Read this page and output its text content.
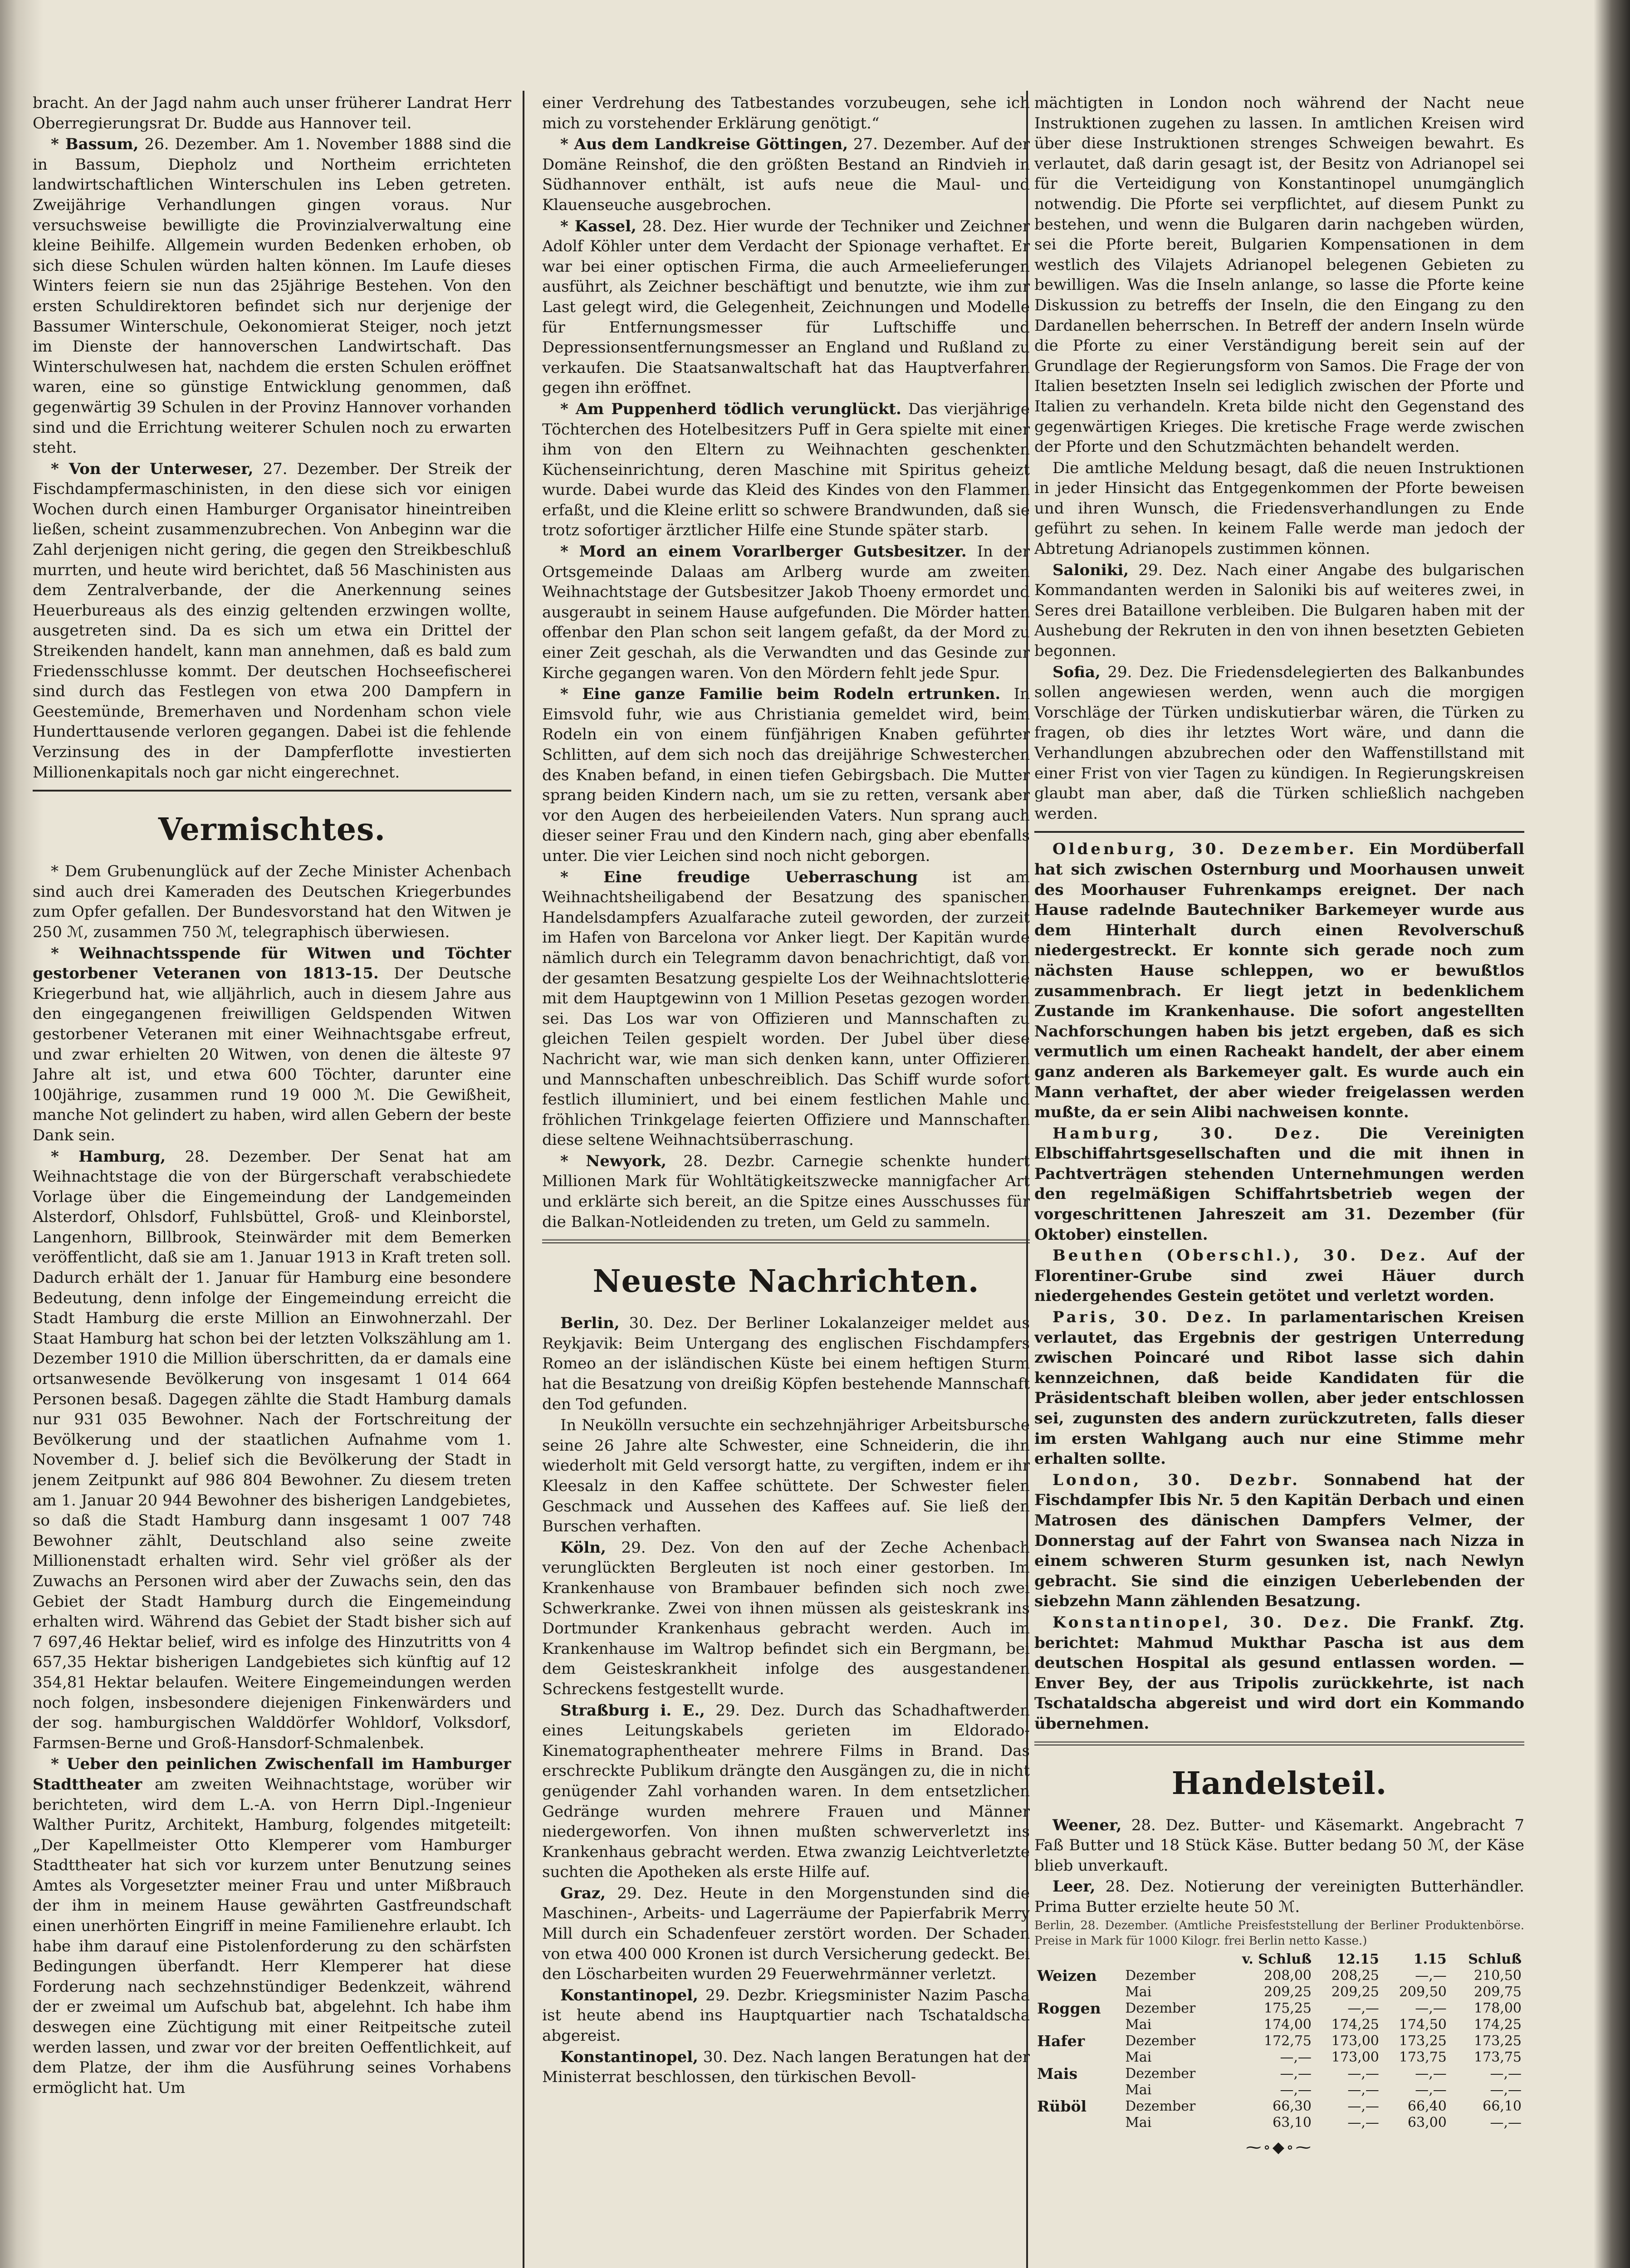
bracht. An der Jagd nahm auch unser früherer Landrat Herr Oberregierungsrat Dr. Budde aus Hannover teil.

* Bassum, 26. Dezember. Am 1. November 1888 sind die in Bassum, Diepholz und Northeim errichteten landwirtschaftlichen Winterschulen ins Leben getreten. Zweijährige Verhandlungen gingen voraus. Nur versuchsweise bewilligte die Provinzialverwaltung eine kleine Beihilfe. Allgemein wurden Bedenken erhoben, ob sich diese Schulen würden halten können. Im Laufe dieses Winters feiern sie nun das 25jährige Bestehen. Von den ersten Schuldirektoren befindet sich nur derjenige der Bassumer Winterschule, Oekonomierat Steiger, noch jetzt im Dienste der hannoverschen Landwirtschaft. Das Winterschulwesen hat, nachdem die ersten Schulen eröffnet waren, eine so günstige Entwicklung genommen, daß gegenwärtig 39 Schulen in der Provinz Hannover vorhanden sind und die Errichtung weiterer Schulen noch zu erwarten steht.

* Von der Unterweser, 27. Dezember. Der Streik der Fischdampfermaschinisten, in den diese sich vor einigen Wochen durch einen Hamburger Organisator hineintreiben ließen, scheint zusammenzubrechen. Von Anbeginn war die Zahl derjenigen nicht gering, die gegen den Streikbeschluß murrten, und heute wird berichtet, daß 56 Maschinisten aus dem Zentralverbande, der die Anerkennung seines Heuerbureaus als des einzig geltenden erzwingen wollte, ausgetreten sind. Da es sich um etwa ein Drittel der Streikenden handelt, kann man annehmen, daß es bald zum Friedensschlusse kommt. Der deutschen Hochseefischerei sind durch das Festlegen von etwa 200 Dampfern in Geestemünde, Bremerhaven und Nordenham schon viele Hunderttausende verloren gegangen. Dabei ist die fehlende Verzinsung des in der Dampferflotte investierten Millionenkapitals noch gar nicht eingerechnet.

Vermischtes.

* Dem Grubenunglück auf der Zeche Minister Achenbach sind auch drei Kameraden des Deutschen Kriegerbundes zum Opfer gefallen. Der Bundesvorstand hat den Witwen je 250 ℳ, zusammen 750 ℳ, telegraphisch überwiesen.

* Weihnachtsspende für Witwen und Töchter gestorbener Veteranen von 1813-15. Der Deutsche Kriegerbund hat, wie alljährlich, auch in diesem Jahre aus den eingegangenen freiwilligen Geldspenden Witwen gestorbener Veteranen mit einer Weihnachtsgabe erfreut, und zwar erhielten 20 Witwen, von denen die älteste 97 Jahre alt ist, und etwa 600 Töchter, darunter eine 100jährige, zusammen rund 19 000 ℳ. Die Gewißheit, manche Not gelindert zu haben, wird allen Gebern der beste Dank sein.

* Hamburg, 28. Dezember. Der Senat hat am Weihnachtstage die von der Bürgerschaft verabschiedete Vorlage über die Eingemeindung der Landgemeinden Alsterdorf, Ohlsdorf, Fuhlsbüttel, Groß- und Kleinborstel, Langenhorn, Billbrook, Steinwärder mit dem Bemerken veröffentlicht, daß sie am 1. Januar 1913 in Kraft treten soll. Dadurch erhält der 1. Januar für Hamburg eine besondere Bedeutung, denn infolge der Eingemeindung erreicht die Stadt Hamburg die erste Million an Einwohnerzahl. Der Staat Hamburg hat schon bei der letzten Volkszählung am 1. Dezember 1910 die Million überschritten, da er damals eine ortsanwesende Bevölkerung von insgesamt 1 014 664 Personen besaß. Dagegen zählte die Stadt Hamburg damals nur 931 035 Bewohner. Nach der Fortschreitung der Bevölkerung und der staatlichen Aufnahme vom 1. November d. J. belief sich die Bevölkerung der Stadt in jenem Zeitpunkt auf 986 804 Bewohner. Zu diesem treten am 1. Januar 20 944 Bewohner des bisherigen Landgebietes, so daß die Stadt Hamburg dann insgesamt 1 007 748 Bewohner zählt, Deutschland also seine zweite Millionenstadt erhalten wird. Sehr viel größer als der Zuwachs an Personen wird aber der Zuwachs sein, den das Gebiet der Stadt Hamburg durch die Eingemeindung erhalten wird. Während das Gebiet der Stadt bisher sich auf 7 697,46 Hektar belief, wird es infolge des Hinzutritts von 4 657,35 Hektar bisherigen Landgebietes sich künftig auf 12 354,81 Hektar belaufen. Weitere Eingemeindungen werden noch folgen, insbesondere diejenigen Finkenwärders und der sog. hamburgischen Walddörfer Wohldorf, Volksdorf, Farmsen-Berne und Groß-Hansdorf-Schmalenbek.

* Ueber den peinlichen Zwischenfall im Hamburger Stadttheater am zweiten Weihnachtstage, worüber wir berichteten, wird dem L.-A. von Herrn Dipl.-Ingenieur Walther Puritz, Architekt, Hamburg, folgendes mitgeteilt: „Der Kapellmeister Otto Klemperer vom Hamburger Stadttheater hat sich vor kurzem unter Benutzung seines Amtes als Vorgesetzter meiner Frau und unter Mißbrauch der ihm in meinem Hause gewährten Gastfreundschaft einen unerhörten Eingriff in meine Familienehre erlaubt. Ich habe ihm darauf eine Pistolenforderung zu den schärfsten Bedingungen überfandt. Herr Klemperer hat diese Forderung nach sechzehnstündiger Bedenkzeit, während der er zweimal um Aufschub bat, abgelehnt. Ich habe ihm deswegen eine Züchtigung mit einer Reitpeitsche zuteil werden lassen, und zwar vor der breiten Oeffentlichkeit, auf dem Platze, der ihm die Ausführung seines Vorhabens ermöglicht hat. Um

einer Verdrehung des Tatbestandes vorzubeugen, sehe ich mich zu vorstehender Erklärung genötigt.“

* Aus dem Landkreise Göttingen, 27. Dezember. Auf der Domäne Reinshof, die den größten Bestand an Rindvieh in Südhannover enthält, ist aufs neue die Maul- und Klauenseuche ausgebrochen.

* Kassel, 28. Dez. Hier wurde der Techniker und Zeichner Adolf Köhler unter dem Verdacht der Spionage verhaftet. Er war bei einer optischen Firma, die auch Armeelieferungen ausführt, als Zeichner beschäftigt und benutzte, wie ihm zur Last gelegt wird, die Gelegenheit, Zeichnungen und Modelle für Entfernungsmesser für Luftschiffe und Depressionsentfernungsmesser an England und Rußland zu verkaufen. Die Staatsanwaltschaft hat das Hauptverfahren gegen ihn eröffnet.

* Am Puppenherd tödlich verunglückt. Das vierjährige Töchterchen des Hotelbesitzers Puff in Gera spielte mit einer ihm von den Eltern zu Weihnachten geschenkten Küchenseinrichtung, deren Maschine mit Spiritus geheizt wurde. Dabei wurde das Kleid des Kindes von den Flammen erfaßt, und die Kleine erlitt so schwere Brandwunden, daß sie trotz sofortiger ärztlicher Hilfe eine Stunde später starb.

* Mord an einem Vorarlberger Gutsbesitzer. In der Ortsgemeinde Dalaas am Arlberg wurde am zweiten Weihnachtstage der Gutsbesitzer Jakob Thoeny ermordet und ausgeraubt in seinem Hause aufgefunden. Die Mörder hatten offenbar den Plan schon seit langem gefaßt, da der Mord zu einer Zeit geschah, als die Verwandten und das Gesinde zur Kirche gegangen waren. Von den Mördern fehlt jede Spur.

* Eine ganze Familie beim Rodeln ertrunken. In Eimsvold fuhr, wie aus Christiania gemeldet wird, beim Rodeln ein von einem fünfjährigen Knaben geführter Schlitten, auf dem sich noch das dreijährige Schwesterchen des Knaben befand, in einen tiefen Gebirgsbach. Die Mutter sprang beiden Kindern nach, um sie zu retten, versank aber vor den Augen des herbeieilenden Vaters. Nun sprang auch dieser seiner Frau und den Kindern nach, ging aber ebenfalls unter. Die vier Leichen sind noch nicht geborgen.

* Eine freudige Ueberraschung ist am Weihnachtsheiligabend der Besatzung des spanischen Handelsdampfers Azualfarache zuteil geworden, der zurzeit im Hafen von Barcelona vor Anker liegt. Der Kapitän wurde nämlich durch ein Telegramm davon benachrichtigt, daß von der gesamten Besatzung gespielte Los der Weihnachtslotterie mit dem Hauptgewinn von 1 Million Pesetas gezogen worden sei. Das Los war von Offizieren und Mannschaften zu gleichen Teilen gespielt worden. Der Jubel über diese Nachricht war, wie man sich denken kann, unter Offizieren und Mannschaften unbeschreiblich. Das Schiff wurde sofort festlich illuminiert, und bei einem festlichen Mahle und fröhlichen Trinkgelage feierten Offiziere und Mannschaften diese seltene Weihnachtsüberraschung.

* Newyork, 28. Dezbr. Carnegie schenkte hundert Millionen Mark für Wohltätigkeitszwecke mannigfacher Art und erklärte sich bereit, an die Spitze eines Ausschusses für die Balkan-Notleidenden zu treten, um Geld zu sammeln.

Neueste Nachrichten.

Berlin, 30. Dez. Der Berliner Lokalanzeiger meldet aus Reykjavik: Beim Untergang des englischen Fischdampfers Romeo an der isländischen Küste bei einem heftigen Sturm hat die Besatzung von dreißig Köpfen bestehende Mannschaft den Tod gefunden.

In Neukölln versuchte ein sechzehnjähriger Arbeitsbursche seine 26 Jahre alte Schwester, eine Schneiderin, die ihn wiederholt mit Geld versorgt hatte, zu vergiften, indem er ihr Kleesalz in den Kaffee schüttete. Der Schwester fielen Geschmack und Aussehen des Kaffees auf. Sie ließ den Burschen verhaften.

Köln, 29. Dez. Von den auf der Zeche Achenbach verunglückten Bergleuten ist noch einer gestorben. Im Krankenhause von Brambauer befinden sich noch zwei Schwerkranke. Zwei von ihnen müssen als geisteskrank ins Dortmunder Krankenhaus gebracht werden. Auch im Krankenhause im Waltrop befindet sich ein Bergmann, bei dem Geisteskrankheit infolge des ausgestandenen Schreckens festgestellt wurde.

Straßburg i. E., 29. Dez. Durch das Schadhaftwerden eines Leitungskabels gerieten im Eldorado-Kinematographentheater mehrere Films in Brand. Das erschreckte Publikum drängte den Ausgängen zu, die in nicht genügender Zahl vorhanden waren. In dem entsetzlichen Gedränge wurden mehrere Frauen und Männer niedergeworfen. Von ihnen mußten schwerverletzt ins Krankenhaus gebracht werden. Etwa zwanzig Leichtverletzte suchten die Apotheken als erste Hilfe auf.

Graz, 29. Dez. Heute in den Morgenstunden sind die Maschinen-, Arbeits- und Lagerräume der Papierfabrik Merry Mill durch ein Schadenfeuer zerstört worden. Der Schaden von etwa 400 000 Kronen ist durch Versicherung gedeckt. Bei den Löscharbeiten wurden 29 Feuerwehrmänner verletzt.

Konstantinopel, 29. Dezbr. Kriegsminister Nazim Pascha ist heute abend ins Hauptquartier nach Tschataldscha abgereist.

Konstantinopel, 30. Dez. Nach langen Beratungen hat der Ministerrat beschlossen, den türkischen Bevoll-

mächtigten in London noch während der Nacht neue Instruktionen zugehen zu lassen. In amtlichen Kreisen wird über diese Instruktionen strenges Schweigen bewahrt. Es verlautet, daß darin gesagt ist, der Besitz von Adrianopel sei für die Verteidigung von Konstantinopel unumgänglich notwendig. Die Pforte sei verpflichtet, auf diesem Punkt zu bestehen, und wenn die Bulgaren darin nachgeben würden, sei die Pforte bereit, Bulgarien Kompensationen in dem westlich des Vilajets Adrianopel belegenen Gebieten zu bewilligen. Was die Inseln anlange, so lasse die Pforte keine Diskussion zu betreffs der Inseln, die den Eingang zu den Dardanellen beherrschen. In Betreff der andern Inseln würde die Pforte zu einer Verständigung bereit sein auf der Grundlage der Regierungsform von Samos. Die Frage der von Italien besetzten Inseln sei lediglich zwischen der Pforte und Italien zu verhandeln. Kreta bilde nicht den Gegenstand des gegenwärtigen Krieges. Die kretische Frage werde zwischen der Pforte und den Schutzmächten behandelt werden.

Die amtliche Meldung besagt, daß die neuen Instruktionen in jeder Hinsicht das Entgegenkommen der Pforte beweisen und ihren Wunsch, die Friedensverhandlungen zu Ende geführt zu sehen. In keinem Falle werde man jedoch der Abtretung Adrianopels zustimmen können.

Saloniki, 29. Dez. Nach einer Angabe des bulgarischen Kommandanten werden in Saloniki bis auf weiteres zwei, in Seres drei Bataillone verbleiben. Die Bulgaren haben mit der Aushebung der Rekruten in den von ihnen besetzten Gebieten begonnen.

Sofia, 29. Dez. Die Friedensdelegierten des Balkanbundes sollen angewiesen werden, wenn auch die morgigen Vorschläge der Türken undiskutierbar wären, die Türken zu fragen, ob dies ihr letztes Wort wäre, und dann die Verhandlungen abzubrechen oder den Waffenstillstand mit einer Frist von vier Tagen zu kündigen. In Regierungskreisen glaubt man aber, daß die Türken schließlich nachgeben werden.

Oldenburg, 30. Dezember. Ein Mordüberfall hat sich zwischen Osternburg und Moorhausen unweit des Moorhauser Fuhrenkamps ereignet. Der nach Hause radelnde Bautechniker Barkemeyer wurde aus dem Hinterhalt durch einen Revolverschuß niedergestreckt. Er konnte sich gerade noch zum nächsten Hause schleppen, wo er bewußtlos zusammenbrach. Er liegt jetzt in bedenklichem Zustande im Krankenhause. Die sofort angestellten Nachforschungen haben bis jetzt ergeben, daß es sich vermutlich um einen Racheakt handelt, der aber einem ganz anderen als Barkemeyer galt. Es wurde auch ein Mann verhaftet, der aber wieder freigelassen werden mußte, da er sein Alibi nachweisen konnte.

Hamburg, 30. Dez. Die Vereinigten Elbschiffahrtsgesellschaften und die mit ihnen in Pachtverträgen stehenden Unternehmungen werden den regelmäßigen Schiffahrtsbetrieb wegen der vorgeschrittenen Jahreszeit am 31. Dezember (für Oktober) einstellen.

Beuthen (Oberschl.), 30. Dez. Auf der Florentiner-Grube sind zwei Häuer durch niedergehendes Gestein getötet und verletzt worden.

Paris, 30. Dez. In parlamentarischen Kreisen verlautet, das Ergebnis der gestrigen Unterredung zwischen Poincaré und Ribot lasse sich dahin kennzeichnen, daß beide Kandidaten für die Präsidentschaft bleiben wollen, aber jeder entschlossen sei, zugunsten des andern zurückzutreten, falls dieser im ersten Wahlgang auch nur eine Stimme mehr erhalten sollte.

London, 30. Dezbr. Sonnabend hat der Fischdampfer Ibis Nr. 5 den Kapitän Derbach und einen Matrosen des dänischen Dampfers Velmer, der Donnerstag auf der Fahrt von Swansea nach Nizza in einem schweren Sturm gesunken ist, nach Newlyn gebracht. Sie sind die einzigen Ueberlebenden der siebzehn Mann zählenden Besatzung.

Konstantinopel, 30. Dez. Die Frankf. Ztg. berichtet: Mahmud Mukthar Pascha ist aus dem deutschen Hospital als gesund entlassen worden. — Enver Bey, der aus Tripolis zurückkehrte, ist nach Tschataldscha abgereist und wird dort ein Kommando übernehmen.

Handelsteil.

Weener, 28. Dez. Butter- und Käsemarkt. Angebracht 7 Faß Butter und 18 Stück Käse. Butter bedang 50 ℳ, der Käse blieb unverkauft.

Leer, 28. Dez. Notierung der vereinigten Butterhändler. Prima Butter erzielte heute 50 ℳ.

Berlin, 28. Dezember. (Amtliche Preisfeststellung der Berliner Produktenbörse. Preise in Mark für 1000 Kilogr. frei Berlin netto Kasse.)

		v. Schluß	12.15	1.15	Schluß
Weizen	Dezember	208,00	208,25	—,—	210,50
	Mai	209,25	209,25	209,50	209,75
Roggen	Dezember	175,25	—,—	—,—	178,00
	Mai	174,00	174,25	174,50	174,25
Hafer	Dezember	172,75	173,00	173,25	173,25
	Mai	—,—	173,00	173,75	173,75
Mais	Dezember	—,—	—,—	—,—	—,—
	Mai	—,—	—,—	—,—	—,—
Rüböl	Dezember	66,30	—,—	66,40	66,10
	Mai	63,10	—,—	63,00	—,—
⁓∘◆∘⁓
